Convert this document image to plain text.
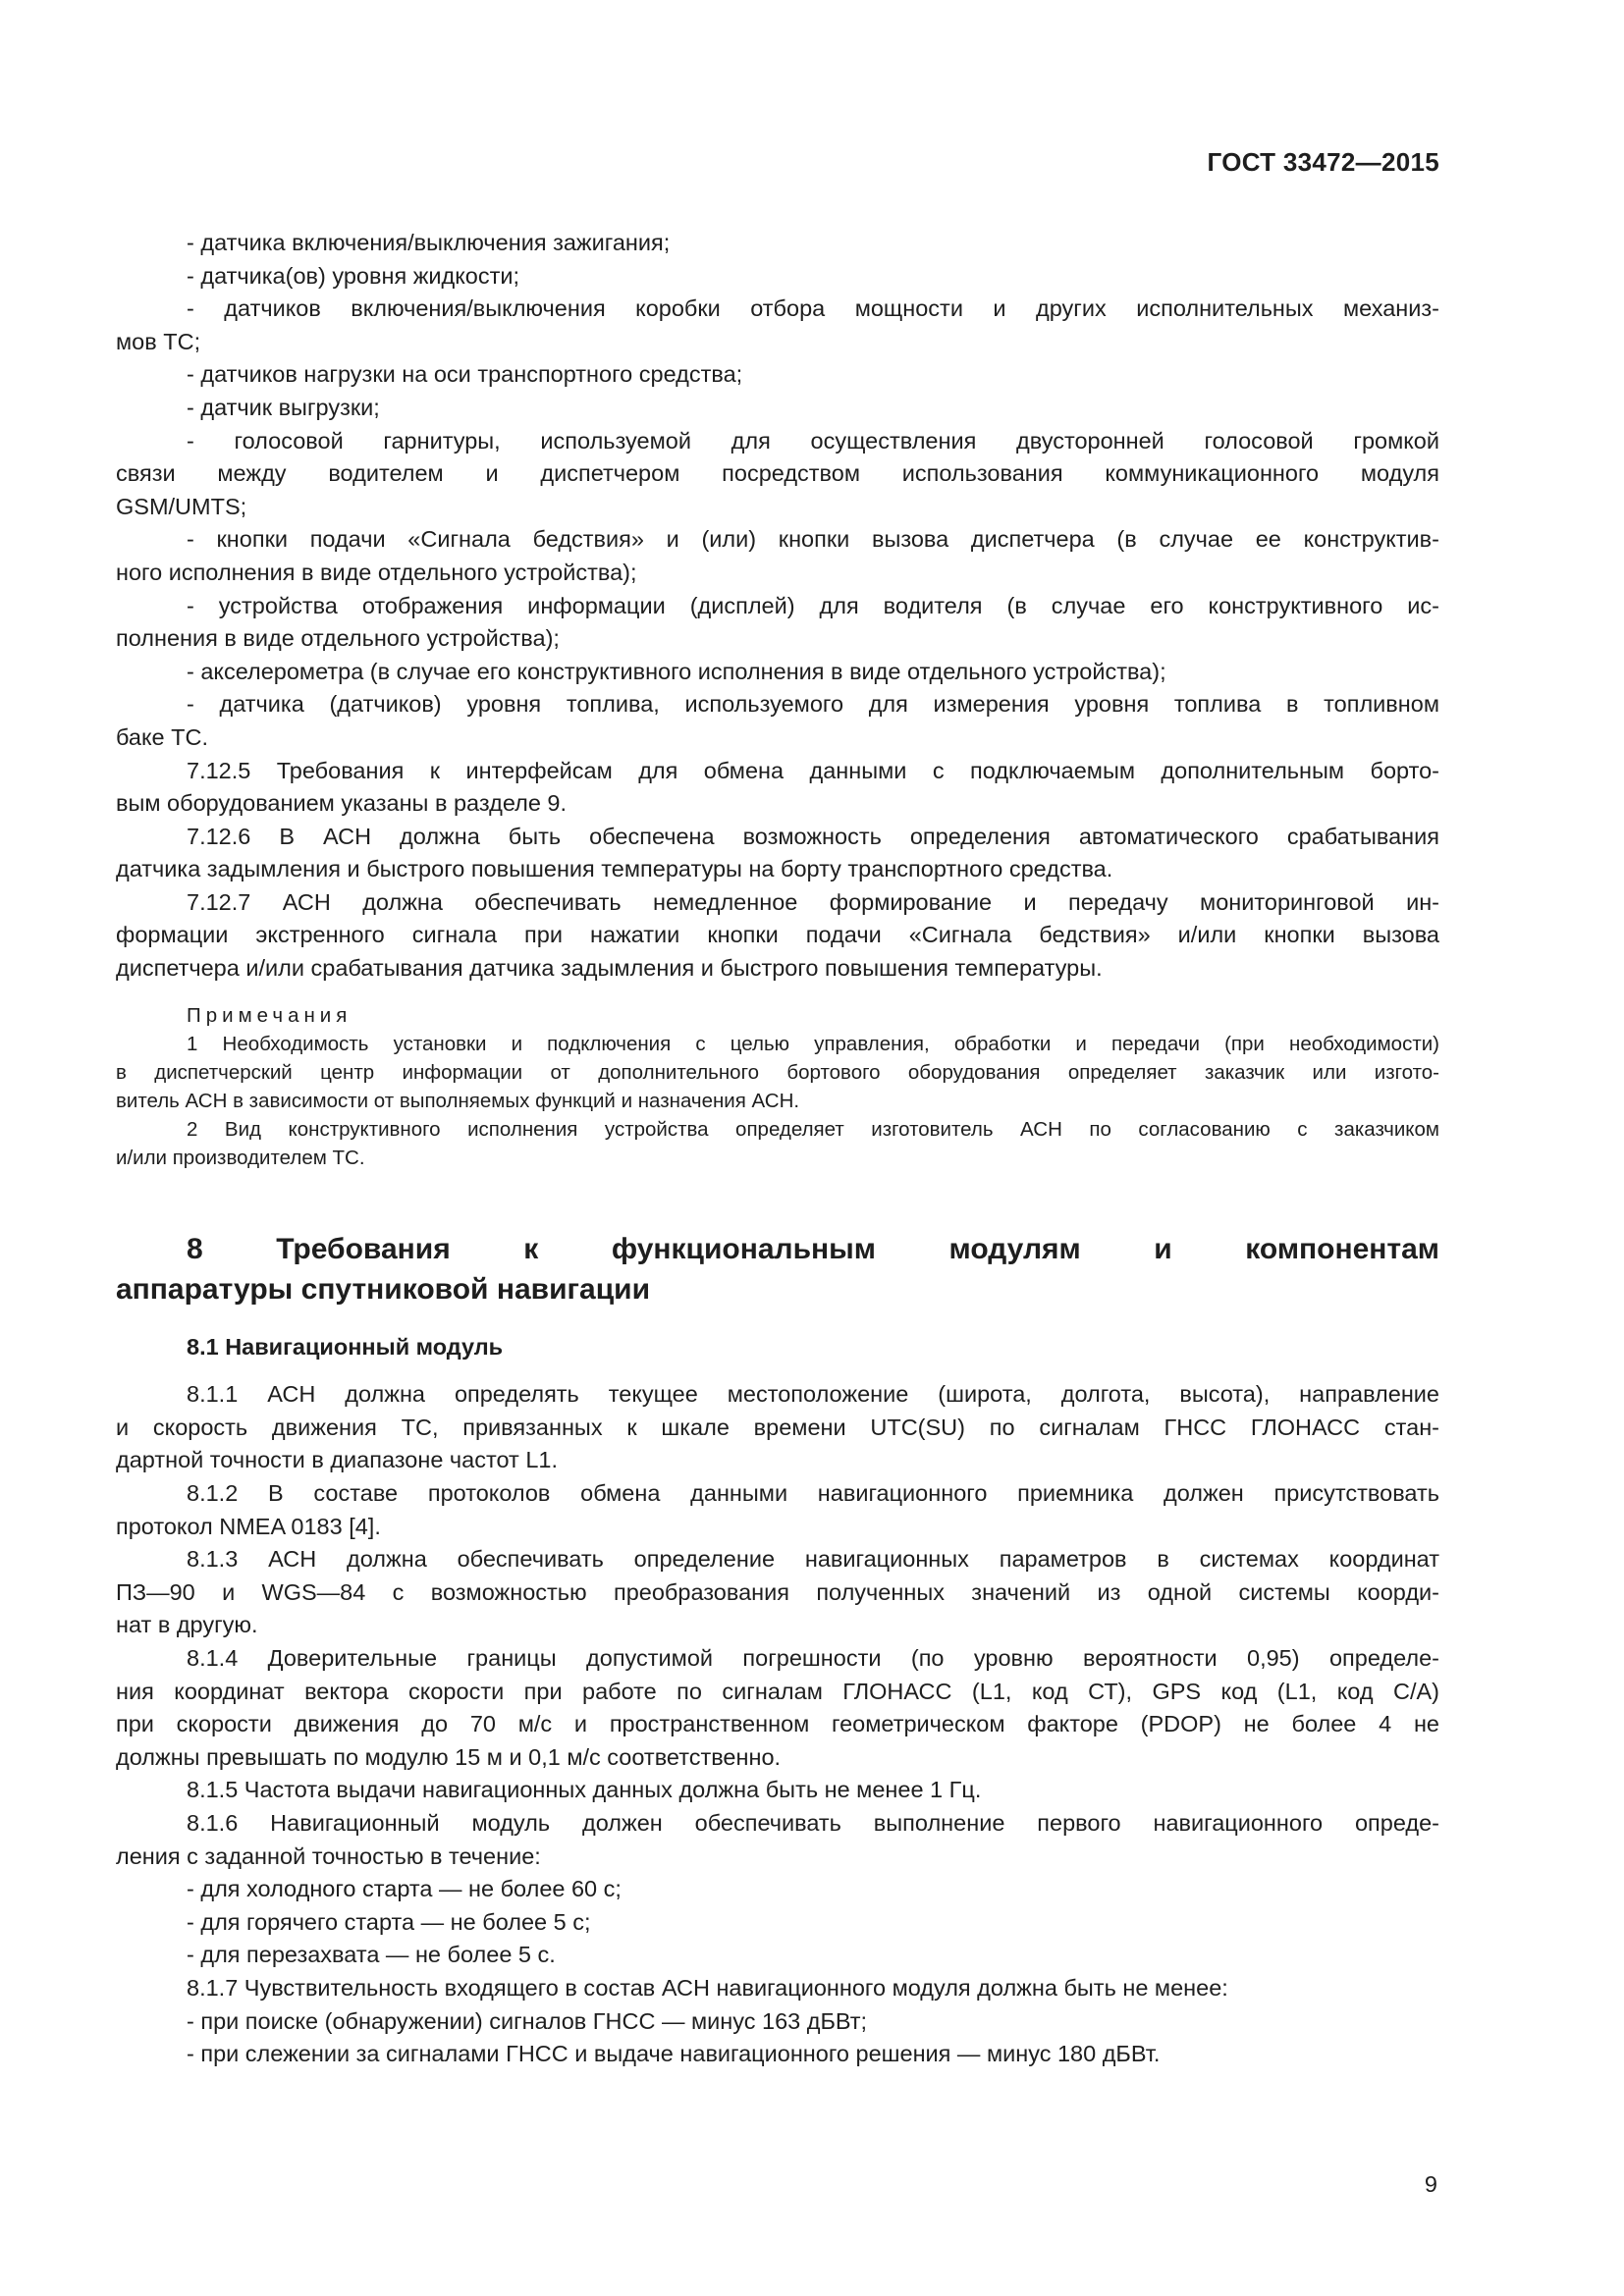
ГОСТ 33472—2015
- датчика включения/выключения зажигания;
- датчика(ов) уровня жидкости;
- датчиков включения/выключения коробки отбора мощности и других исполнительных механиз-
мов ТС;
- датчиков нагрузки на оси транспортного средства;
- датчик выгрузки;
- голосовой гарнитуры, используемой для осуществления двусторонней голосовой громкой
связи между водителем и диспетчером посредством использования коммуникационного модуля
GSM/UMTS;
- кнопки подачи «Сигнала бедствия» и (или) кнопки вызова диспетчера (в случае ее конструктив-
ного исполнения в виде отдельного устройства);
- устройства отображения информации (дисплей) для водителя (в случае его конструктивного ис-
полнения в виде отдельного устройства);
- акселерометра (в случае его конструктивного исполнения в виде отдельного устройства);
- датчика (датчиков) уровня топлива, используемого для измерения уровня топлива в топливном
баке ТС.
7.12.5 Требования к интерфейсам для обмена данными с подключаемым дополнительным борто-
вым оборудованием указаны в разделе 9.
7.12.6 В АСН должна быть обеспечена возможность определения автоматического срабатывания
датчика задымления и быстрого повышения температуры на борту транспортного средства.
7.12.7 АСН должна обеспечивать немедленное формирование и передачу мониторинговой ин-
формации экстренного сигнала при нажатии кнопки подачи «Сигнала бедствия» и/или кнопки вызова
диспетчера и/или срабатывания датчика задымления и быстрого повышения температуры.
Примечания
1 Необходимость установки и подключения с целью управления, обработки и передачи (при необходимости)
в диспетчерский центр информации от дополнительного бортового оборудования определяет заказчик или изгото-
витель АСН в зависимости от выполняемых функций и назначения АСН.
2 Вид конструктивного исполнения устройства определяет изготовитель АСН по согласованию с заказчиком
и/или производителем ТС.
8 Требования к функциональным модулям и компонентам
аппаратуры спутниковой навигации
8.1 Навигационный модуль
8.1.1 АСН должна определять текущее местоположение (широта, долгота, высота), направление
и скорость движения ТС, привязанных к шкале времени UTC(SU) по сигналам ГНСС ГЛОНАСС стан-
дартной точности в диапазоне частот L1.
8.1.2 В составе протоколов обмена данными навигационного приемника должен присутствовать
протокол NMEA 0183 [4].
8.1.3 АСН должна обеспечивать определение навигационных параметров в системах координат
ПЗ—90 и WGS—84 с возможностью преобразования полученных значений из одной системы коорди-
нат в другую.
8.1.4 Доверительные границы допустимой погрешности (по уровню вероятности 0,95) определе-
ния координат вектора скорости при работе по сигналам ГЛОНАСС (L1, код СТ), GPS код (L1, код С/А)
при скорости движения до 70 м/с и пространственном геометрическом факторе (PDOP) не более 4 не
должны превышать по модулю 15 м и 0,1 м/с соответственно.
8.1.5 Частота выдачи навигационных данных должна быть не менее 1 Гц.
8.1.6 Навигационный модуль должен обеспечивать выполнение первого навигационного опреде-
ления с заданной точностью в течение:
- для холодного старта — не более 60 с;
- для горячего старта — не более 5 с;
- для перезахвата — не более 5 с.
8.1.7 Чувствительность входящего в состав АСН навигационного модуля должна быть не менее:
- при поиске (обнаружении) сигналов ГНСС — минус 163 дБВт;
- при слежении за сигналами ГНСС и выдаче навигационного решения — минус 180 дБВт.
9
